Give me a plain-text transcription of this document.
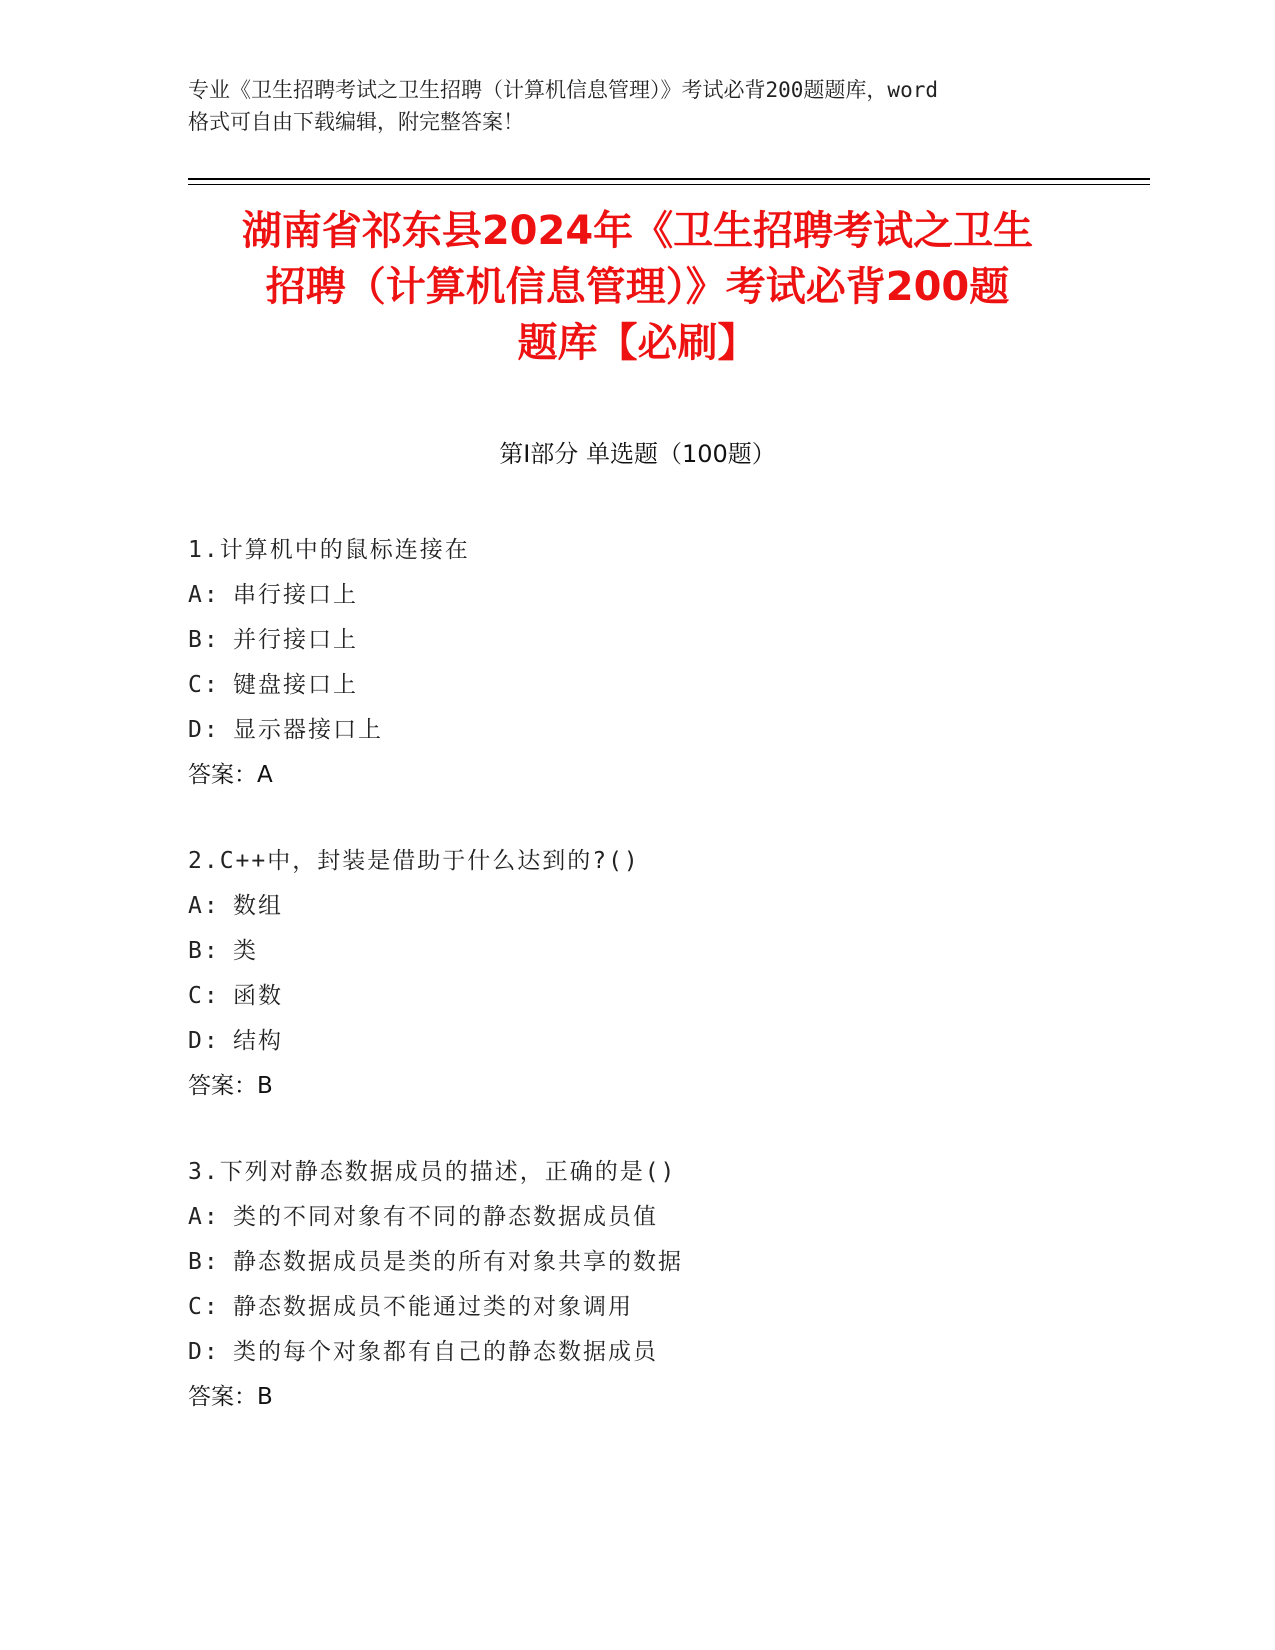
专业《卫生招聘考试之卫生招聘（计算机信息管理）》考试必背200题题库，word
格式可自由下载编辑，附完整答案！
湖南省祁东县2024年《卫生招聘考试之卫生
招聘（计算机信息管理）》考试必背200题
题库【必刷】
第Ⅰ部分 单选题（100题）
1.计算机中的鼠标连接在
A: 串行接口上
B: 并行接口上
C: 键盘接口上
D: 显示器接口上
答案：A
2.C++中，封装是借助于什么达到的?()
A: 数组
B: 类
C: 函数
D: 结构
答案：B
3.下列对静态数据成员的描述，正确的是()
A: 类的不同对象有不同的静态数据成员值
B: 静态数据成员是类的所有对象共享的数据
C: 静态数据成员不能通过类的对象调用
D: 类的每个对象都有自己的静态数据成员
答案：B
